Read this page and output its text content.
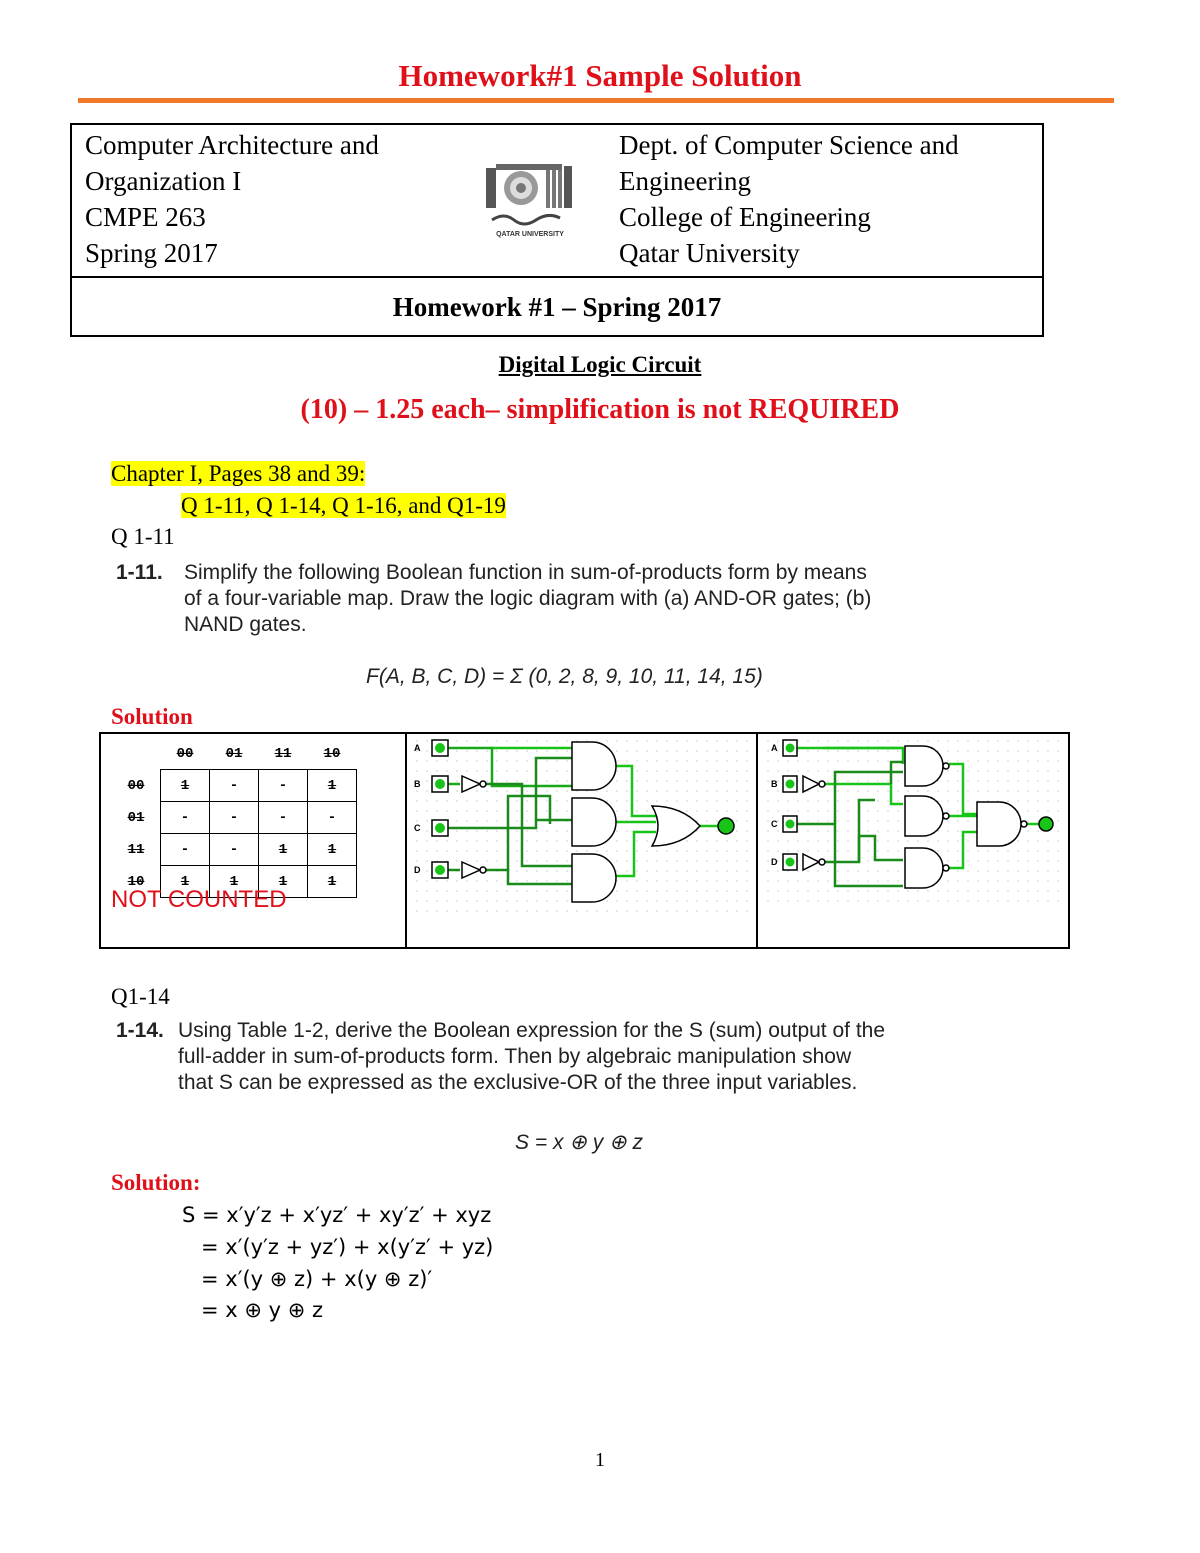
Homework#1 Sample Solution
Computer Architecture and
Organization I
CMPE 263
Spring 2017
Dept. of Computer Science and
Engineering
College of Engineering
Qatar University
QATAR UNIVERSITY
Homework #1 – Spring 2017
Digital Logic Circuit
(10) – 1.25 each– simplification is not REQUIRED
Chapter I, Pages 38 and 39:
Q 1-11, Q 1-14, Q 1-16, and Q1-19
Q 1-11
1-11.	Simplify the following Boolean function in sum-of-products form by means
of a four-variable map. Draw the logic diagram with (a) AND-OR gates; (b)
NAND gates.
F(A, B, C, D) = Σ (0, 2, 8, 9, 10, 11, 14, 15)
Solution
	00	01	11	10
00	1	-	-	1
01	-	-	-	-
11	-	-	1	1
10	1	1	1	1
NOT COUNTED
A
B
C
D
A
B
C
D
Q1-14
1-14. Using Table 1-2, derive the Boolean expression for the S (sum) output of the
full-adder in sum-of-products form. Then by algebraic manipulation show
that S can be expressed as the exclusive-OR of the three input variables.
S = x ⊕ y ⊕ z
Solution:
S = x′y′z + x′yz′ + xy′z′ + xyz
= x′(y′z + yz′) + x(y′z′ + yz)
= x′(y ⊕ z) + x(y ⊕ z)′
= x ⊕ y ⊕ z
1
